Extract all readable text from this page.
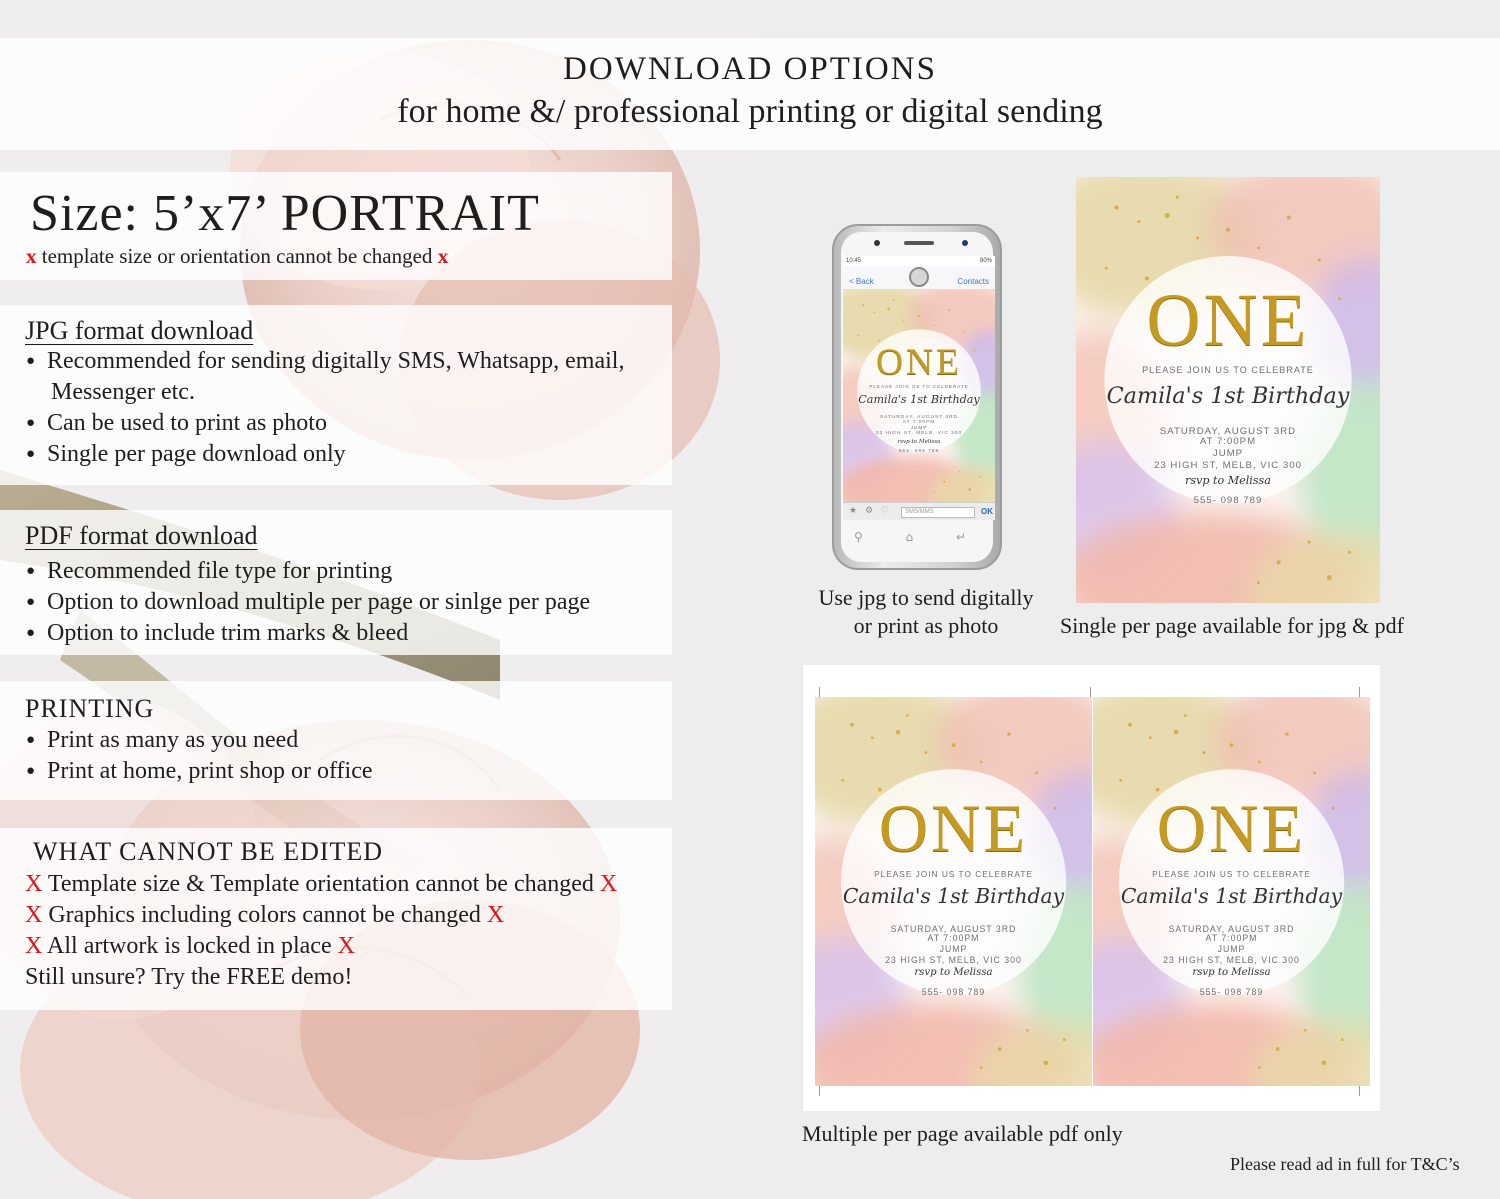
DOWNLOAD OPTIONS
for home &/ professional printing or digital sending
Size: 5’x7’ PORTRAIT
x template size or orientation cannot be changed x
JPG format download
● Recommended for sending digitally SMS, Whatsapp, email,
Messenger etc.
● Can be used to print as photo
● Single per page download only
PDF format download
● Recommended file type for printing
● Option to download multiple per page or sinlge per page
● Option to include trim marks & bleed
PRINTING
● Print as many as you need
● Print at home, print shop or office
WHAT CANNOT BE EDITED
X Template size & Template orientation cannot be changed X
X Graphics including colors cannot be changed X
X All artwork is locked in place X
Still unsure? Try the FREE demo!
10:45	80%
< Back	Contacts
ONE
PLEASE JOIN US TO CELEBRATE
Camila's 1st Birthday
SATURDAY, AUGUST 3RD
AT 7:00PM
JUMP
23 HIGH ST, MELB, VIC 300
rsvp to Melissa
555- 098 789
★ ⚙ ♡	SMS/MMS	OK
⚲	⌂	↵
ONE
PLEASE JOIN US TO CELEBRATE
Camila's 1st Birthday
SATURDAY, AUGUST 3RD
AT 7:00PM
JUMP
23 HIGH ST, MELB, VIC 300
rsvp to Melissa
555- 098 789
ONE
PLEASE JOIN US TO CELEBRATE
Camila's 1st Birthday
SATURDAY, AUGUST 3RD
AT 7:00PM
JUMP
23 HIGH ST, MELB, VIC 300
rsvp to Melissa
555- 098 789
ONE
PLEASE JOIN US TO CELEBRATE
Camila's 1st Birthday
SATURDAY, AUGUST 3RD
AT 7:00PM
JUMP
23 HIGH ST, MELB, VIC 300
rsvp to Melissa
555- 098 789
Use jpg to send digitally
or print as photo	Single per page available for jpg & pdf
Multiple per page available pdf only
Please read ad in full for T&C’s
